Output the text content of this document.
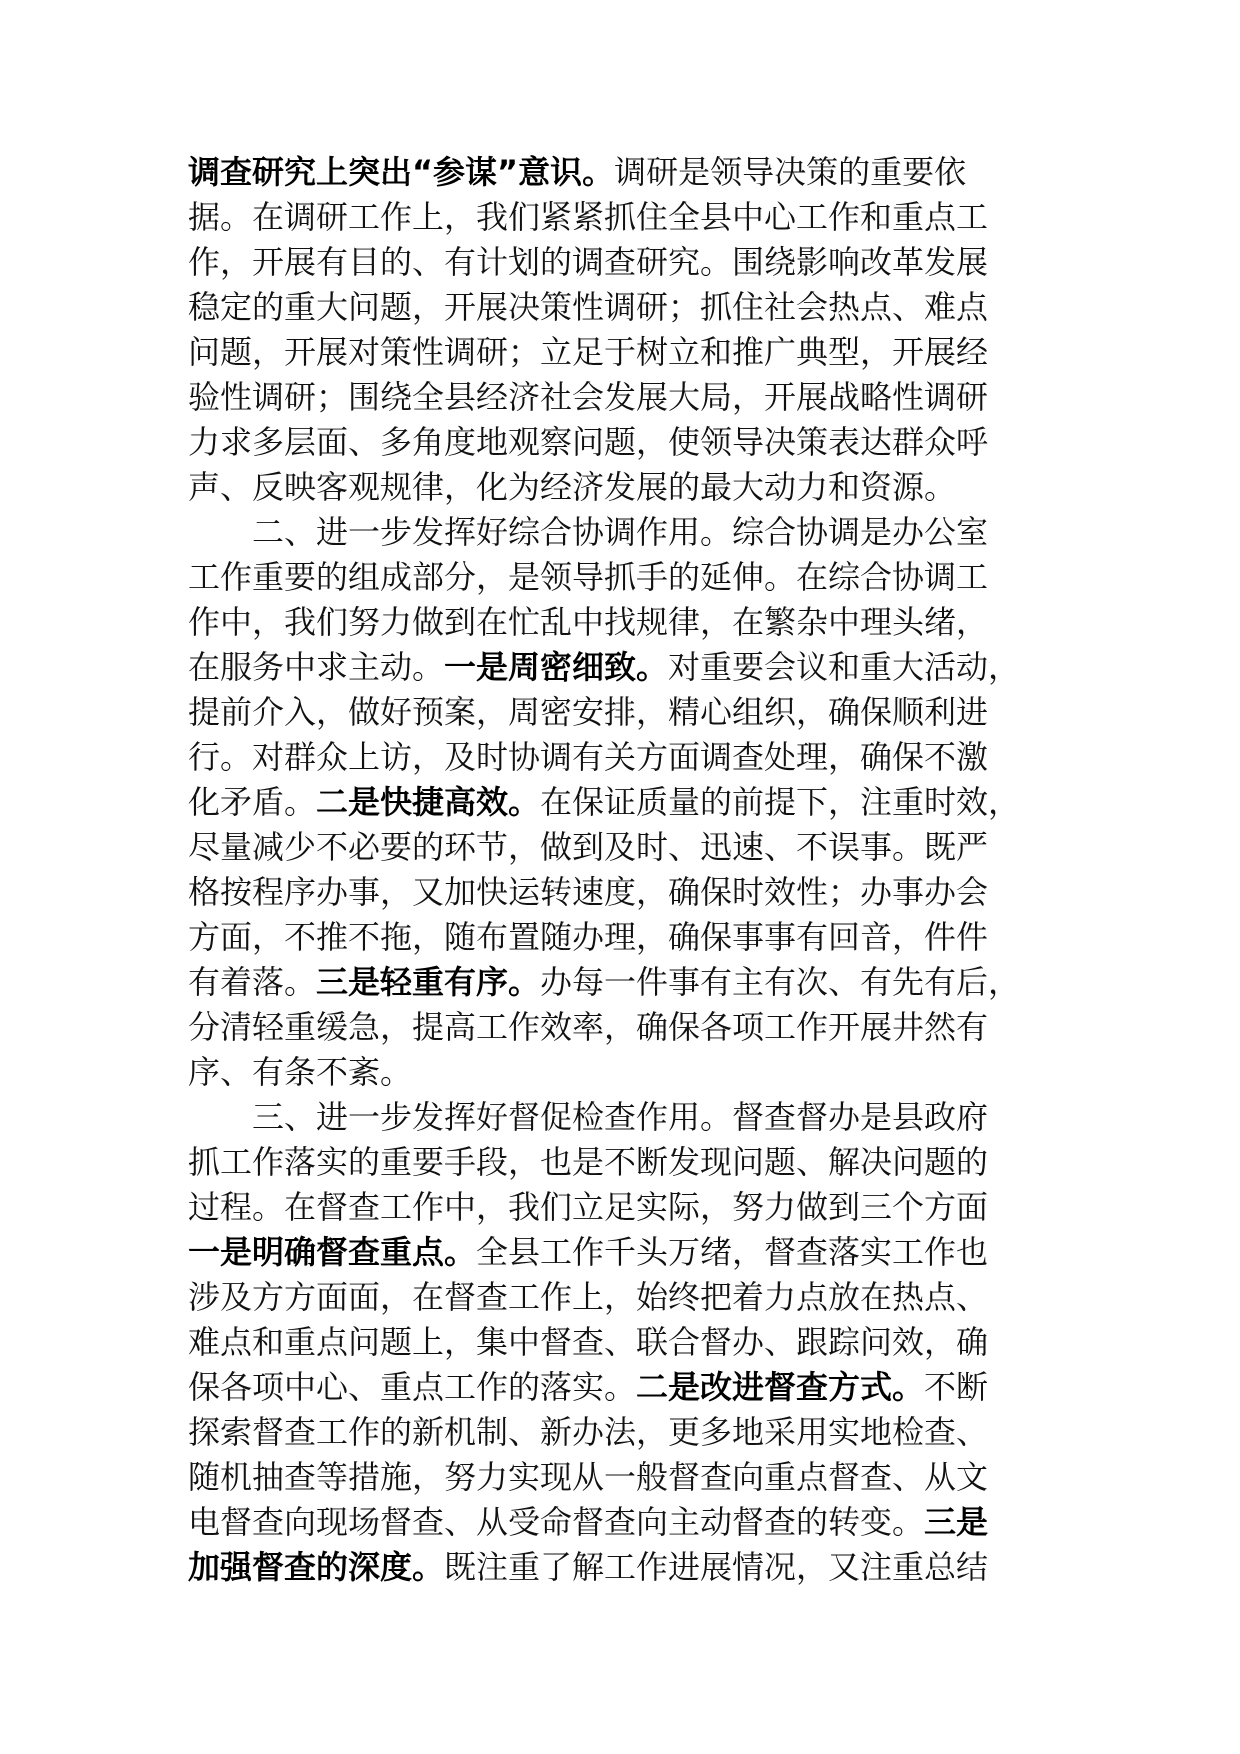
调查研究上突出“参谋”意识。调研是领导决策的重要依
据。在调研工作上，我们紧紧抓住全县中心工作和重点工
作，开展有目的、有计划的调查研究。围绕影响改革发展
稳定的重大问题，开展决策性调研；抓住社会热点、难点
问题，开展对策性调研；立足于树立和推广典型，开展经
验性调研；围绕全县经济社会发展大局，开展战略性调研
力求多层面、多角度地观察问题，使领导决策表达群众呼
声、反映客观规律，化为经济发展的最大动力和资源。
二、进一步发挥好综合协调作用。综合协调是办公室
工作重要的组成部分，是领导抓手的延伸。在综合协调工
作中，我们努力做到在忙乱中找规律，在繁杂中理头绪，
在服务中求主动。一是周密细致。对重要会议和重大活动，
提前介入，做好预案，周密安排，精心组织，确保顺利进
行。对群众上访，及时协调有关方面调查处理，确保不激
化矛盾。二是快捷高效。在保证质量的前提下，注重时效，
尽量减少不必要的环节，做到及时、迅速、不误事。既严
格按程序办事，又加快运转速度，确保时效性；办事办会
方面，不推不拖，随布置随办理，确保事事有回音，件件
有着落。三是轻重有序。办每一件事有主有次、有先有后，
分清轻重缓急，提高工作效率，确保各项工作开展井然有
序、有条不紊。
三、进一步发挥好督促检查作用。督查督办是县政府
抓工作落实的重要手段，也是不断发现问题、解决问题的
过程。在督查工作中，我们立足实际，努力做到三个方面
一是明确督查重点。全县工作千头万绪，督查落实工作也
涉及方方面面，在督查工作上，始终把着力点放在热点、
难点和重点问题上，集中督查、联合督办、跟踪问效，确
保各项中心、重点工作的落实。二是改进督查方式。不断
探索督查工作的新机制、新办法，更多地采用实地检查、
随机抽查等措施，努力实现从一般督查向重点督查、从文
电督查向现场督查、从受命督查向主动督查的转变。三是
加强督查的深度。既注重了解工作进展情况，又注重总结
